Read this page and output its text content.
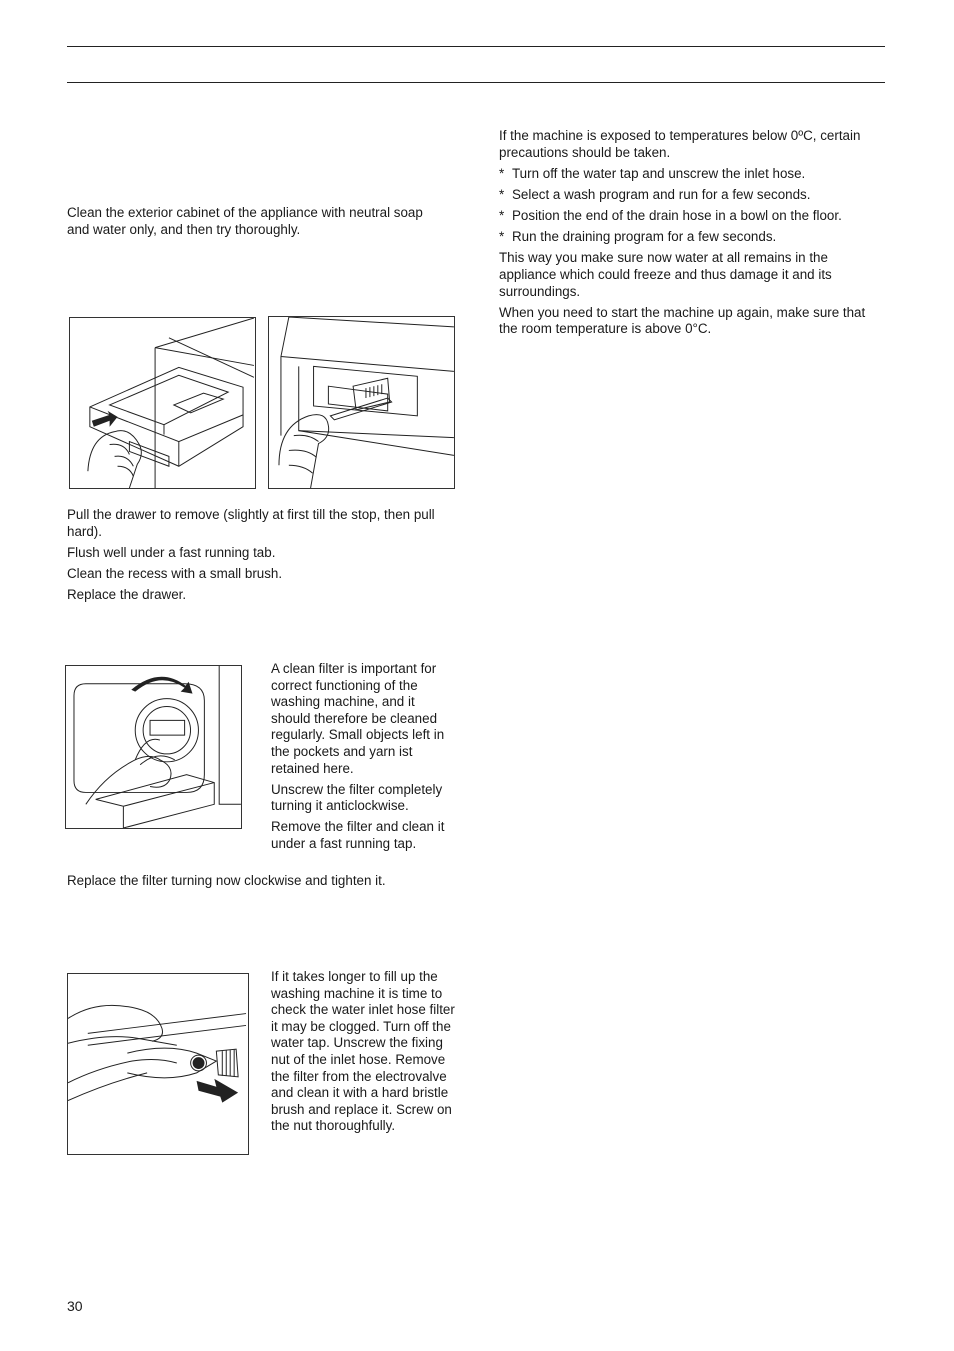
Clean the exterior cabinet of the appliance with neutral soap and water only, and then try thoroughly.

Pull the drawer to remove (slightly at first till the stop, then pull hard).

Flush well under a fast running tab.

Clean the recess with a small brush.

Replace the drawer.

A clean filter is important for correct functioning of the washing machine, and it should therefore be cleaned regularly. Small objects left in the pockets and yarn ist retained here.

Unscrew the filter completely turning it anticlockwise.

Remove the filter and clean it under a fast running tap.

Replace the filter turning now clockwise and tighten it.

If it takes longer to fill up the washing machine it is time to check the water inlet hose filter it may be clogged. Turn off the water tap. Unscrew the fixing nut of the inlet hose. Remove the filter from the electrovalve and clean it with a hard bristle brush and replace it. Screw on the nut thoroughfully.

If the machine is exposed to temperatures below 0ºC, certain precautions should be taken.

* Turn off the water tap and unscrew the inlet hose.
* Select a wash program and run for a few seconds.
* Position the end of the drain hose in a bowl on the floor.
* Run the draining program for a few seconds.

This way you make sure now water at all remains in the appliance which could freeze and thus damage it and its surroundings.

When you need to start the machine up again, make sure that the room temperature is above 0°C.

30
